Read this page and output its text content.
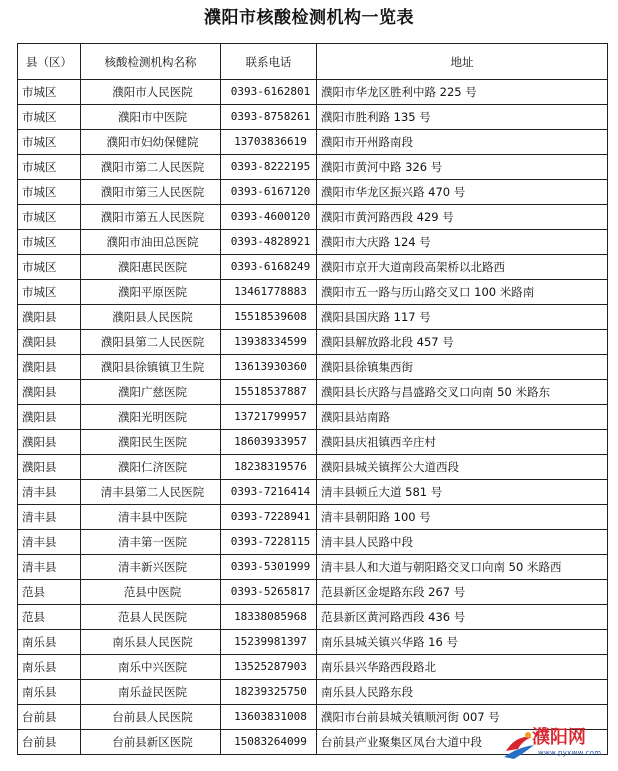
濮阳市核酸检测机构一览表
县（区）	核酸检测机构名称	联系电话	地址
市城区	濮阳市人民医院	0393-6162801	濮阳市华龙区胜利中路 225 号
市城区	濮阳市中医院	0393-8758261	濮阳市胜利路 135 号
市城区	濮阳市妇幼保健院	13703836619	濮阳市开州路南段
市城区	濮阳市第二人民医院	0393-8222195	濮阳市黄河中路 326 号
市城区	濮阳市第三人民医院	0393-6167120	濮阳市华龙区振兴路 470 号
市城区	濮阳市第五人民医院	0393-4600120	濮阳市黄河路西段 429 号
市城区	濮阳市油田总医院	0393-4828921	濮阳市大庆路 124 号
市城区	濮阳惠民医院	0393-6168249	濮阳市京开大道南段高架桥以北路西
市城区	濮阳平原医院	13461778883	濮阳市五一路与历山路交叉口 100 米路南
濮阳县	濮阳县人民医院	15518539608	濮阳县国庆路 117 号
濮阳县	濮阳县第二人民医院	13938334599	濮阳县解放路北段 457 号
濮阳县	濮阳县徐镇镇卫生院	13613930360	濮阳县徐镇集西街
濮阳县	濮阳广慈医院	15518537887	濮阳县长庆路与昌盛路交叉口向南 50 米路东
濮阳县	濮阳光明医院	13721799957	濮阳县站南路
濮阳县	濮阳民生医院	18603933957	濮阳县庆祖镇西辛庄村
濮阳县	濮阳仁济医院	18238319576	濮阳县城关镇挥公大道西段
清丰县	清丰县第二人民医院	0393-7216414	清丰县顿丘大道 581 号
清丰县	清丰县中医院	0393-7228941	清丰县朝阳路 100 号
清丰县	清丰第一医院	0393-7228115	清丰县人民路中段
清丰县	清丰新兴医院	0393-5301999	清丰县人和大道与朝阳路交叉口向南 50 米路西
范县	范县中医院	0393-5265817	范县新区金堤路东段 267 号
范县	范县人民医院	18338085968	范县新区黄河路西段 436 号
南乐县	南乐县人民医院	15239981397	南乐县城关镇兴华路 16 号
南乐县	南乐中兴医院	13525287903	南乐县兴华路西段路北
南乐县	南乐益民医院	18239325750	南乐县人民路东段
台前县	台前县人民医院	13603831008	濮阳市台前县城关镇顺河街 007 号
台前县	台前县新区医院	15083264099	台前县产业聚集区凤台大道中段	濮阳网
www.pyxww.com
